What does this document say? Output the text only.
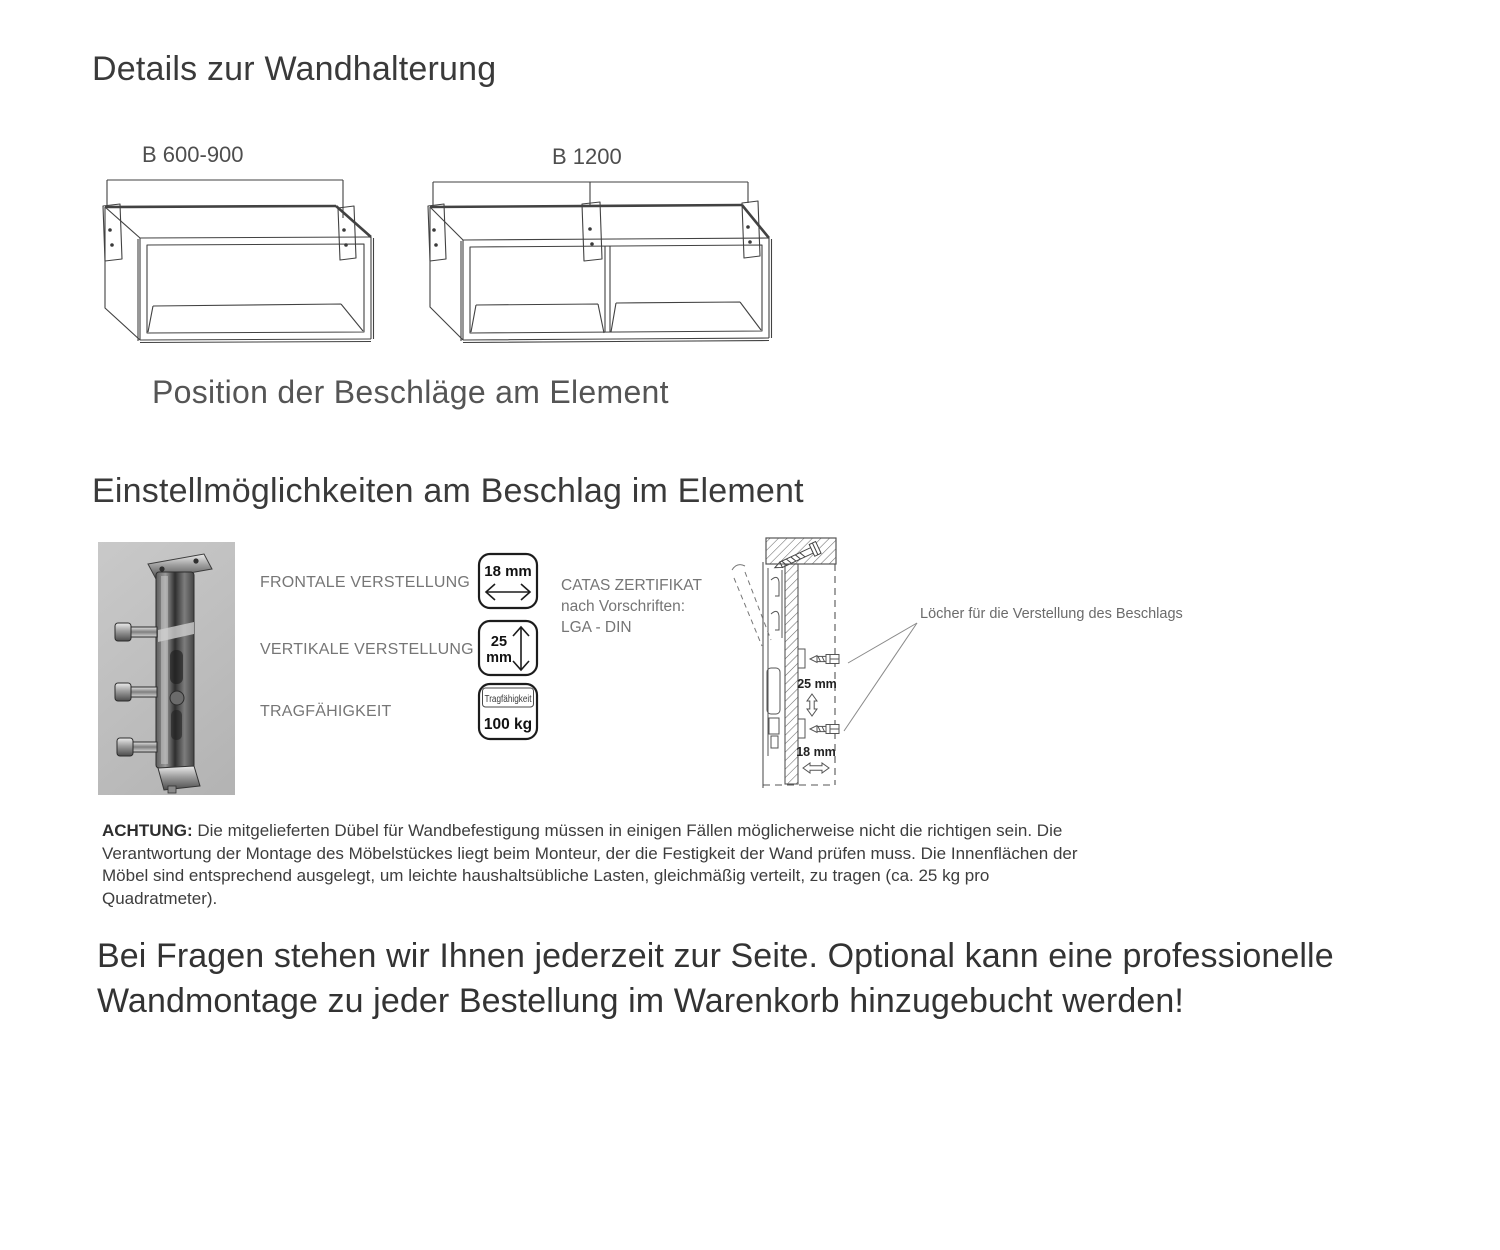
Details zur Wandhalterung
B 600-900	B 1200
Position der Beschläge am Element
Einstellmöglichkeiten am Beschlag im Element
FRONTALE VERSTELLUNG
VERTIKALE VERSTELLUNG
TRAGFÄHIGKEIT
18 mm
25
mm
Tragfähigkeit
100 kg
CATAS ZERTIFIKAT
nach Vorschriften:
LGA - DIN
25 mm
18 mm
Löcher für die Verstellung des Beschlags

ACHTUNG: Die mitgelieferten Dübel für Wandbefestigung müssen in einigen Fällen möglicherweise nicht die richtigen sein. Die Verantwortung der Montage des Möbelstückes liegt beim Monteur, der die Festigkeit der Wand prüfen muss. Die Innenflächen der Möbel sind entsprechend ausgelegt, um leichte haushaltsübliche Lasten, gleichmäßig verteilt, zu tragen (ca. 25 kg pro Quadratmeter).

Bei Fragen stehen wir Ihnen jederzeit zur Seite. Optional kann eine professionelle
Wandmontage zu jeder Bestellung im Warenkorb hinzugebucht werden!
